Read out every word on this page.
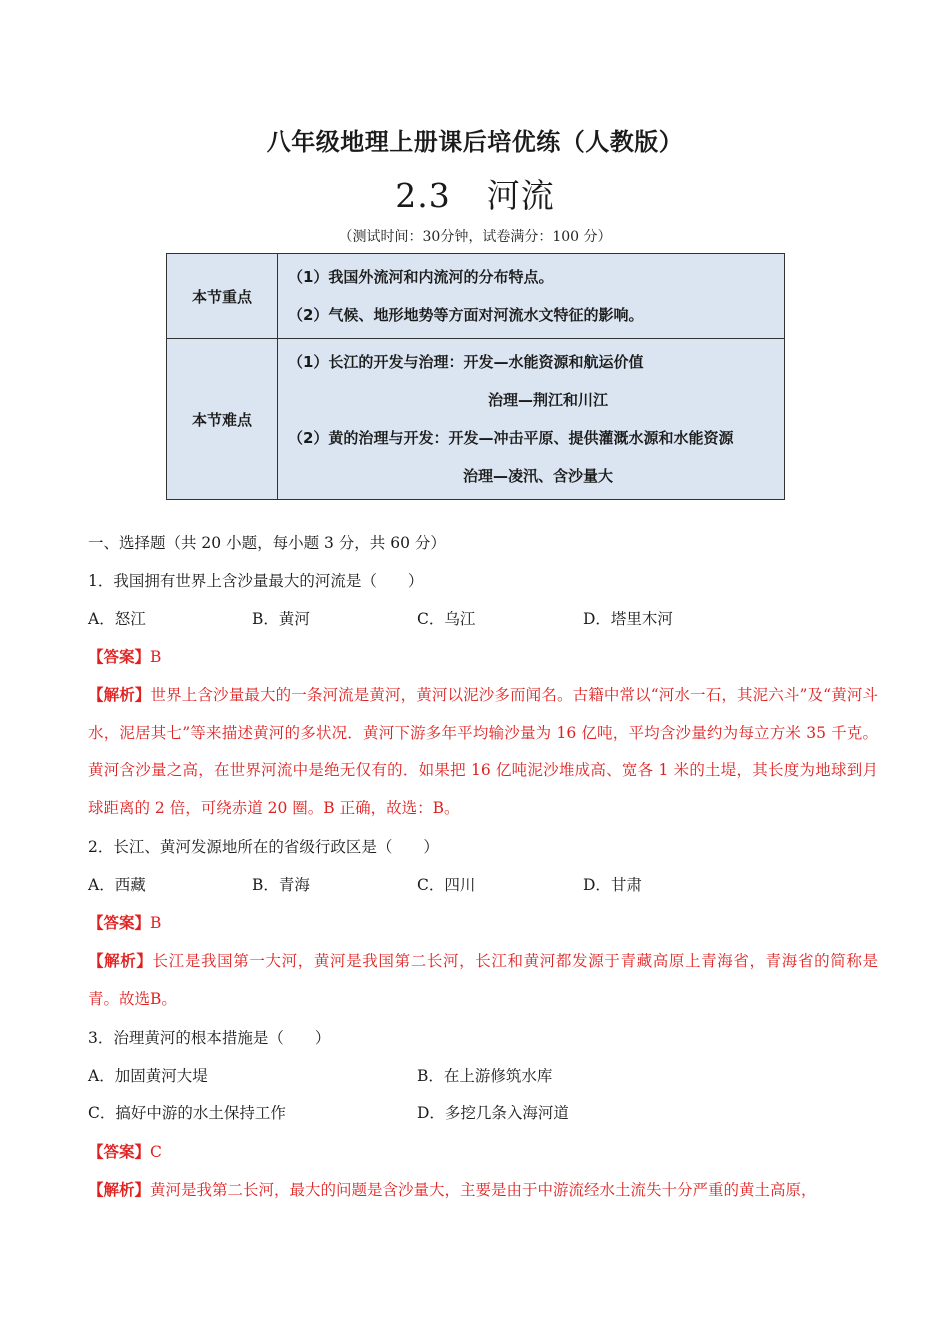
八年级地理上册课后培优练（人教版）
2.3 河流
（测试时间：30分钟，试卷满分：100 分）
本节重点	（1）我国外流河和内流河的分布特点。
（2）气候、地形地势等方面对河流水文特征的影响。

本节难点	（1）长江的开发与治理：开发—水能资源和航运价值
治理—荆江和川江
（2）黄的治理与开发：开发—冲击平原、提供灌溉水源和水能资源
治理—凌汛、含沙量大
一、选择题（共 20 小题，每小题 3 分，共 60 分）
1．我国拥有世界上含沙量最大的河流是（　　）
A．怒江	B．黄河	C．乌江	D．塔里木河
【答案】B
【解析】世界上含沙量最大的一条河流是黄河，黄河以泥沙多而闻名。古籍中常以“河水一石，其泥六斗”及“黄河斗水，泥居其七”等来描述黄河的多状况．黄河下游多年平均输沙量为 16 亿吨，平均含沙量约为每立方米 35 千克。黄河含沙量之高，在世界河流中是绝无仅有的．如果把 16 亿吨泥沙堆成高、宽各 1 米的土堤，其长度为地球到月球距离的 2 倍，可绕赤道 20 圈。B 正确，故选：B。
2．长江、黄河发源地所在的省级行政区是（　　）
A．西藏	B．青海	C．四川	D．甘肃
【答案】B
【解析】长江是我国第一大河，黄河是我国第二长河，长江和黄河都发源于青藏高原上青海省，青海省的简称是青。故选B。
3．治理黄河的根本措施是（　　）
A．加固黄河大堤	B．在上游修筑水库
C．搞好中游的水土保持工作	D．多挖几条入海河道
【答案】C
【解析】黄河是我第二长河，最大的问题是含沙量大，主要是由于中游流经水土流失十分严重的黄土高原，
